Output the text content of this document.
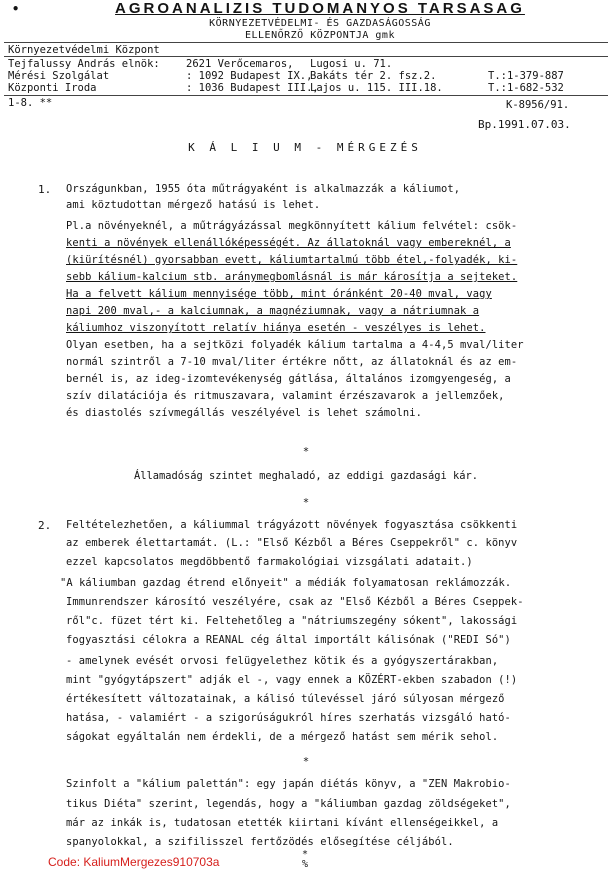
•	AGROANALIZIS TUDOMANYOS TARSASAG
KÖRNYEZETVÉDELMI- ÉS GAZDASÁGOSSÁG
ELLENŐRZŐ KÖZPONTJA gmk
Környezetvédelmi Központ
Tejfalussy András elnök:	2621 Verőcemaros, Lugosi u. 71.
Mérési Szolgálat	: 1092 Budapest IX.,
Bakáts tér 2. fsz.2.	T.:1-379-887
Központi Iroda	: 1036 Budapest III.,
Lajos u. 115. III.18.	T.:1-682-532
1-8. **	K-8956/91.
Bp.1991.07.03.
K Á L I U M - MÉRGEZÉS
1. Országunkban, 1955 óta műtrágyaként is alkalmazzák a káliumot,
ami köztudottan mérgező hatású is lehet.
Pl.a növényeknél, a műtrágyázással megkönnyített kálium felvétel: csök-
kenti a növények ellenállóképességét. Az állatoknál vagy embereknél, a
(kiürítésnél) gyorsabban evett, káliumtartalmú több étel,-folyadék, ki-
sebb kálium-kalcium stb. aránymegbomlásnál is már károsítja a sejteket.
Ha a felvett kálium mennyisége több, mint óránként 20-40 mval, vagy
napi 200 mval,- a kalciumnak, a magnéziumnak, vagy a nátriumnak a
káliumhoz viszonyított relatív hiánya esetén - veszélyes is lehet.
Olyan esetben, ha a sejtközi folyadék kálium tartalma a 4-4,5 mval/liter
normál szintről a 7-10 mval/liter értékre nőtt, az állatoknál és az em-
bernél is, az ideg-izomtevékenység gátlása, általános izomgyengeség, a
szív dilatációja és ritmuszavara, valamint érzészavarok a jellemzőek,
és diastolés szívmegállás veszélyével is lehet számolni.
*
Államadóság szintet meghaladó, az eddigi gazdasági kár.
*
2. Feltételezhetően, a káliummal trágyázott növények fogyasztása csökkenti
az emberek élettartamát. (L.: "Első Kézből a Béres Cseppekről" c. könyv
ezzel kapcsolatos megdöbbentő farmakológiai vizsgálati adatait.)
"A káliumban gazdag étrend előnyeit" a médiák folyamatosan reklámozzák.
Immunrendszer károsító veszélyére, csak az "Első Kézből a Béres Cseppek-
ről"c. füzet tért ki. Feltehetőleg a "nátriumszegény sókent", lakossági
fogyasztási célokra a REANAL cég által importált kálisónak ("REDI Só")
- amelynek evését orvosi felügyelethez kötik és a gyógyszertárakban,
mint "gyógytápszert" adják el -, vagy ennek a KÖZÉRT-ekben szabadon (!)
értékesített változatainak, a kálisó túlevéssel járó súlyosan mérgező
hatása, - valamiért - a szigorúságukról híres szerhatás vizsgáló ható-
ságokat egyáltalán nem érdekli, de a mérgező hatást sem mérik sehol.
*
Szinfolt a "kálium palettán": egy japán diétás könyv, a "ZEN Makrobio-
tikus Diéta" szerint, legendás, hogy a "káliumban gazdag zöldségeket",
már az inkák is, tudatosan etették kiirtani kívánt ellenségeikkel, a
spanyolokkal, a szifilisszel fertőzödés elősegítése céljából.
*
%
Code: KaliumMergezes910703a
